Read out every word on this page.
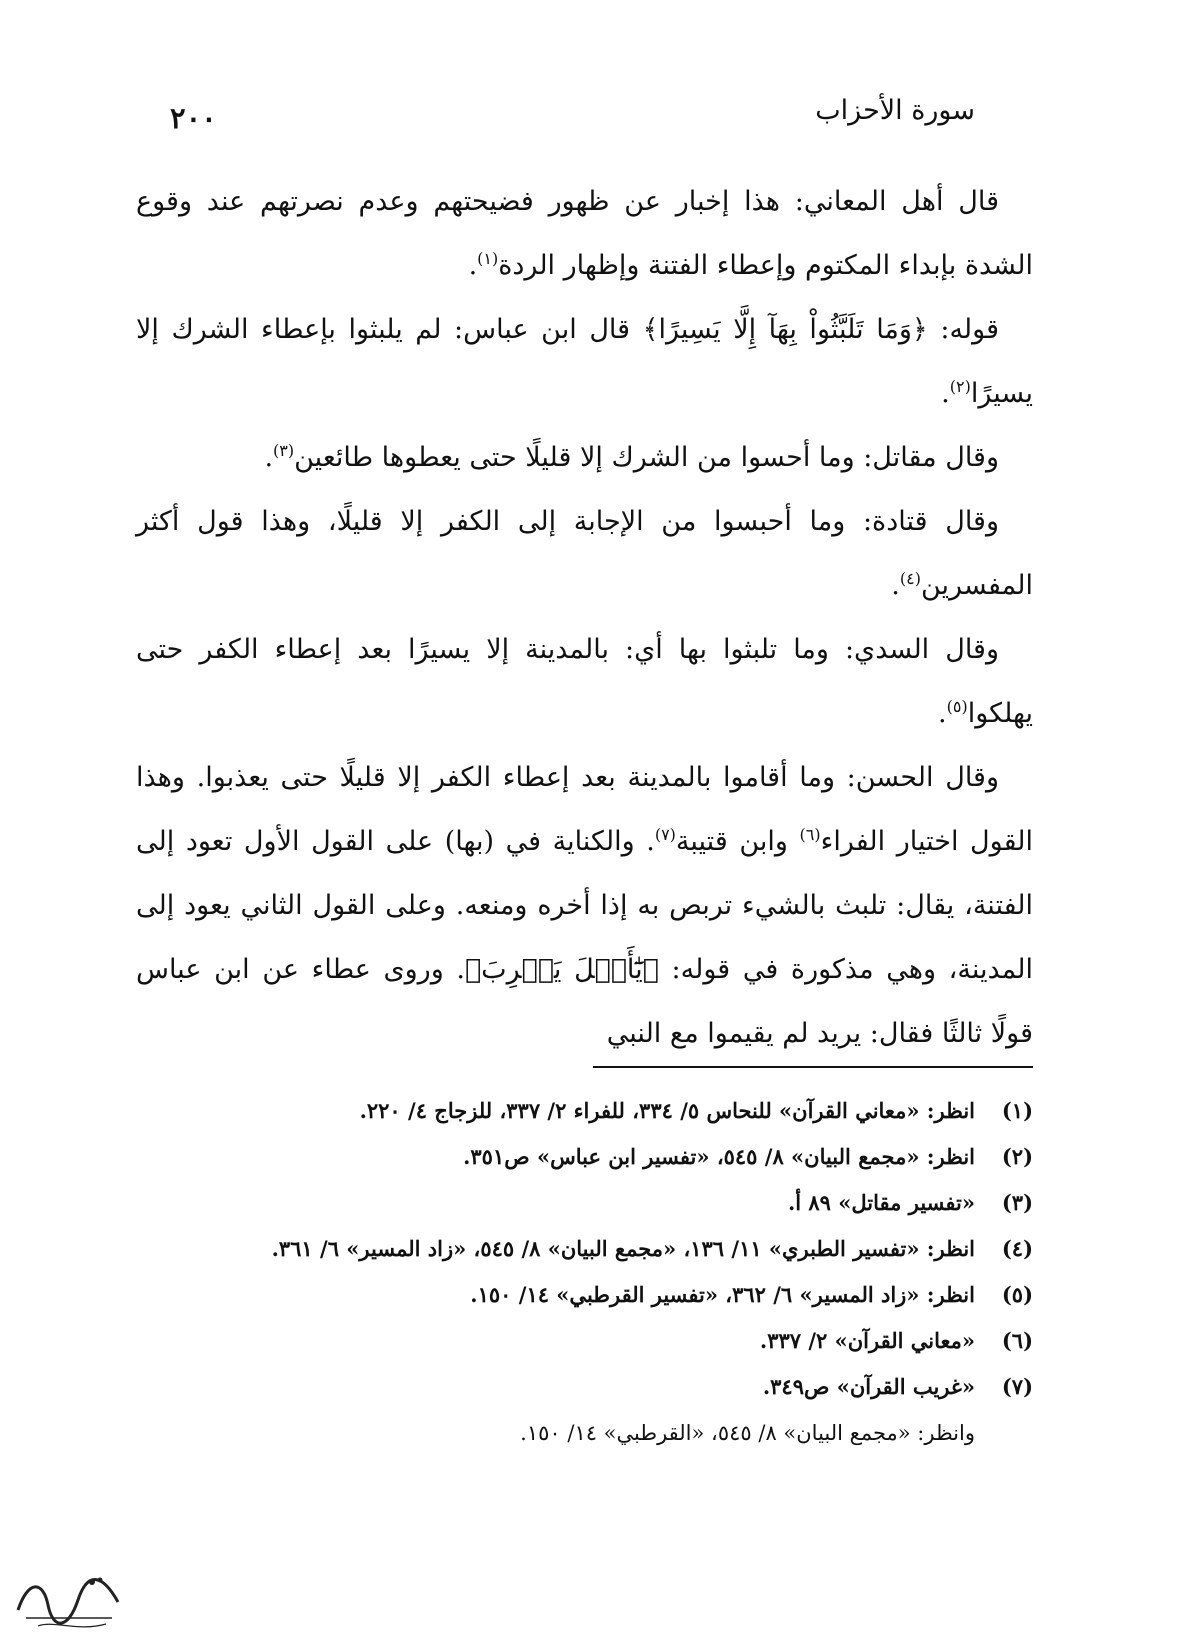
سورة الأحزاب
٢٠٠

قال أهل المعاني: هذا إخبار عن ظهور فضيحتهم وعدم نصرتهم عند وقوع الشدة بإبداء المكتوم وإعطاء الفتنة وإظهار الردة$^{(١)}$.

قوله: ﴿وَمَا تَلَبَّثُواْ بِهَآ إِلَّا يَسِيرًا﴾ قال ابن عباس: لم يلبثوا بإعطاء الشرك إلا يسيرًا$^{(٢)}$.

وقال مقاتل: وما أحسوا من الشرك إلا قليلًا حتى يعطوها طائعين$^{(٣)}$.

وقال قتادة: وما أحبسوا من الإجابة إلى الكفر إلا قليلًا، وهذا قول أكثر المفسرين$^{(٤)}$.

وقال السدي: وما تلبثوا بها أي: بالمدينة إلا يسيرًا بعد إعطاء الكفر حتى يهلكوا$^{(٥)}$.

وقال الحسن: وما أقاموا بالمدينة بعد إعطاء الكفر إلا قليلًا حتى يعذبوا. وهذا القول اختيار الفراء$^{(٦)}$ وابن قتيبة$^{(٧)}$. والكناية في (بها) على القول الأول تعود إلى الفتنة، يقال: تلبث بالشيء تربص به إذا أخره ومنعه. وعلى القول الثاني يعود إلى المدينة، وهي مذكورة في قوله: ﴿يَٰٓأَهۡلَ يَثۡرِبَ﴾. وروى عطاء عن ابن عباس قولًا ثالثًا فقال: يريد لم يقيموا مع النبي

(١)
انظر: «معاني القرآن» للنحاس ٥/ ٣٣٤، للفراء ٢/ ٣٣٧، للزجاج ٤/ ٢٢٠.
(٢)
انظر: «مجمع البيان» ٨/ ٥٤٥، «تفسير ابن عباس» ص٣٥١.
(٣)
«تفسير مقاتل» ٨٩ أ.
(٤)
انظر: «تفسير الطبري» ١١/ ١٣٦، «مجمع البيان» ٨/ ٥٤٥، «زاد المسير» ٦/ ٣٦١.
(٥)
انظر: «زاد المسير» ٦/ ٣٦٢، «تفسير القرطبي» ١٤/ ١٥٠.
(٦)
«معاني القرآن» ٢/ ٣٣٧.
(٧)
«غريب القرآن» ص٣٤٩.
وانظر: «مجمع البيان» ٨/ ٥٤٥، «القرطبي» ١٤/ ١٥٠.
